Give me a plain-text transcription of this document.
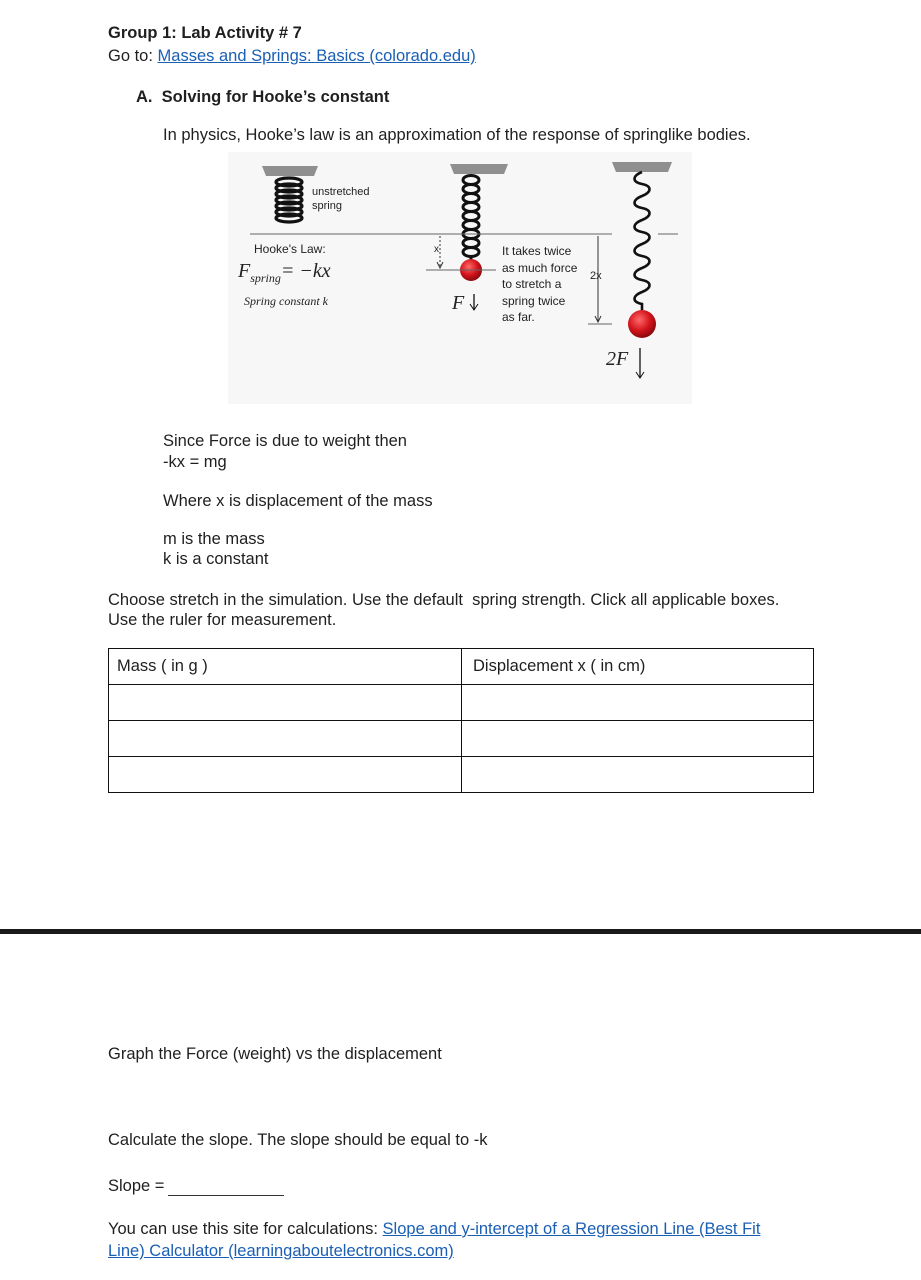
Group 1: Lab Activity # 7
Go to: Masses and Springs: Basics (colorado.edu)
A.  Solving for Hooke’s constant
In physics, Hooke’s law is an approximation of the response of springlike bodies.
unstretched
spring
Hooke's Law:
$F_{spring}= -kx$
Spring constant k
x
F
It takes twice
as much force
to stretch a
spring twice
as far.
2x
2F
Since Force is due to weight then
-kx = mg
Where x is displacement of the mass
m is the mass
k is a constant
Choose stretch in the simulation. Use the default  spring strength. Click all applicable boxes.
Use the ruler for measurement.
Mass ( in g )	Displacement x ( in cm)

Graph the Force (weight) vs the displacement
Calculate the slope. The slope should be equal to -k
Slope =
You can use this site for calculations: Slope and y-intercept of a Regression Line (Best Fit
Line) Calculator (learningaboutelectronics.com)
